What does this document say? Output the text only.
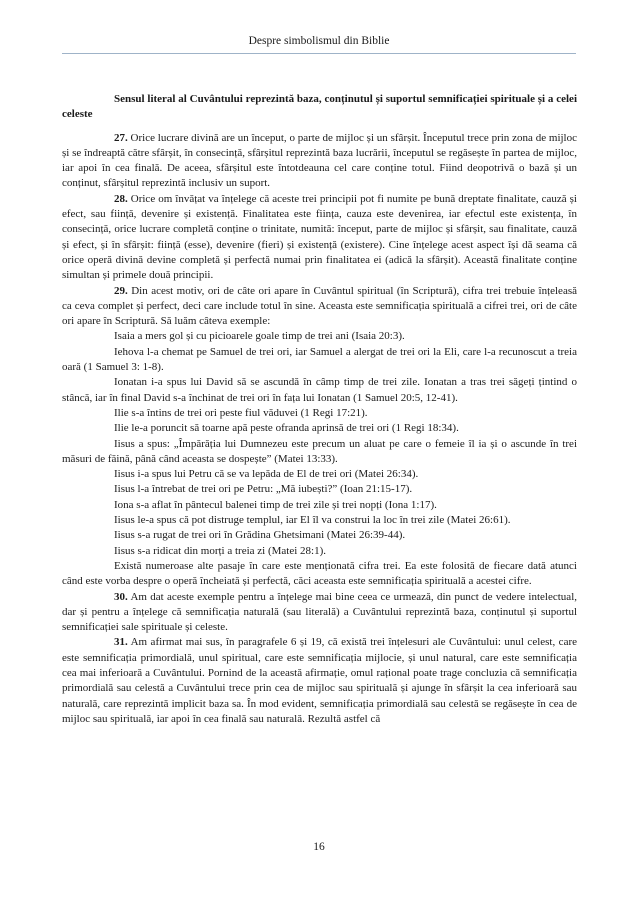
Despre simbolismul din Biblie

Sensul literal al Cuvântului reprezintă baza, conținutul și suportul semnificației spirituale și a celei celeste

27. Orice lucrare divină are un început, o parte de mijloc și un sfârșit. Începutul trece prin zona de mijloc și se îndreaptă către sfârșit, în consecință, sfârșitul reprezintă baza lucrării, începutul se regăsește în partea de mijloc, iar apoi în cea finală. De aceea, sfârșitul este întotdeauna cel care conține totul. Fiind deopotrivă o bază și un conținut, sfârșitul reprezintă inclusiv un suport.

28. Orice om învățat va înțelege că aceste trei principii pot fi numite pe bună dreptate finalitate, cauză și efect, sau ființă, devenire și existență. Finalitatea este ființa, cauza este devenirea, iar efectul este existența, în consecință, orice lucrare completă conține o trinitate, numită: început, parte de mijloc și sfârșit, sau finalitate, cauză și efect, și în sfârșit: ființă (esse), devenire (fieri) și existență (existere). Cine înțelege acest aspect își dă seama că orice operă divină devine completă și perfectă numai prin finalitatea ei (adică la sfârșit). Această finalitate conține simultan și primele două principii.

29. Din acest motiv, ori de câte ori apare în Cuvântul spiritual (în Scriptură), cifra trei trebuie înțeleasă ca ceva complet și perfect, deci care include totul în sine. Aceasta este semnificația spirituală a cifrei trei, ori de câte ori apare în Scriptură. Să luăm câteva exemple:

Isaia a mers gol și cu picioarele goale timp de trei ani (Isaia 20:3).

Iehova l-a chemat pe Samuel de trei ori, iar Samuel a alergat de trei ori la Eli, care l-a recunoscut a treia oară (1 Samuel 3: 1-8).

Ionatan i-a spus lui David să se ascundă în câmp timp de trei zile. Ionatan a tras trei săgeți țintind o stâncă, iar în final David s-a închinat de trei ori în fața lui Ionatan (1 Samuel 20:5, 12-41).

Ilie s-a întins de trei ori peste fiul văduvei (1 Regi 17:21).

Ilie le-a poruncit să toarne apă peste ofranda aprinsă de trei ori (1 Regi 18:34).

Iisus a spus: „Împărăția lui Dumnezeu este precum un aluat pe care o femeie îl ia și o ascunde în trei măsuri de făină, până când aceasta se dospește” (Matei 13:33).

Iisus i-a spus lui Petru că se va lepăda de El de trei ori (Matei 26:34).

Iisus l-a întrebat de trei ori pe Petru: „Mă iubești?” (Ioan 21:15-17).

Iona s-a aflat în pântecul balenei timp de trei zile și trei nopți (Iona 1:17).

Iisus le-a spus că pot distruge templul, iar El îl va construi la loc în trei zile (Matei 26:61).

Iisus s-a rugat de trei ori în Grădina Ghetsimani (Matei 26:39-44).

Iisus s-a ridicat din morți a treia zi (Matei 28:1).

Există numeroase alte pasaje în care este menționată cifra trei. Ea este folosită de fiecare dată atunci când este vorba despre o operă încheiată și perfectă, căci aceasta este semnificația spirituală a acestei cifre.

30. Am dat aceste exemple pentru a înțelege mai bine ceea ce urmează, din punct de vedere intelectual, dar și pentru a înțelege că semnificația naturală (sau literală) a Cuvântului reprezintă baza, conținutul și suportul semnificației sale spirituale și celeste.

31. Am afirmat mai sus, în paragrafele 6 și 19, că există trei înțelesuri ale Cuvântului: unul celest, care este semnificația primordială, unul spiritual, care este semnificația mijlocie, și unul natural, care este semnificația cea mai inferioară a Cuvântului. Pornind de la această afirmație, omul rațional poate trage concluzia că semnificația primordială sau celestă a Cuvântului trece prin cea de mijloc sau spirituală și ajunge în sfârșit la cea inferioară sau naturală, care reprezintă implicit baza sa. În mod evident, semnificația primordială sau celestă se regăsește în cea de mijloc sau spirituală, iar apoi în cea finală sau naturală. Rezultă astfel că

16
